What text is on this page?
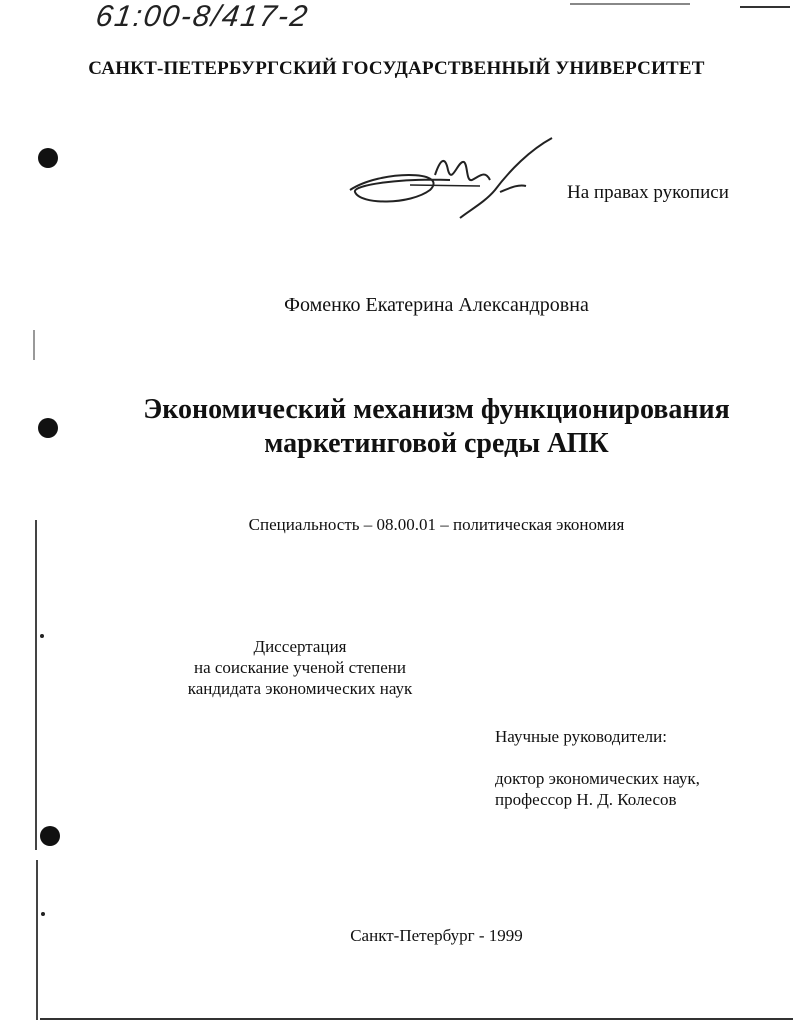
61:00-8/417-2
САНКТ-ПЕТЕРБУРГСКИЙ ГОСУДАРСТВЕННЫЙ УНИВЕРСИТЕТ
На правах рукописи
Фоменко Екатерина Александровна
Экономический механизм функционирования
маркетинговой среды АПК
Специальность – 08.00.01 – политическая экономия
Диссертация
на соискание ученой степени
кандидата экономических наук
Научные руководители:
доктор экономических наук,
профессор Н. Д. Колесов
Санкт-Петербург - 1999
